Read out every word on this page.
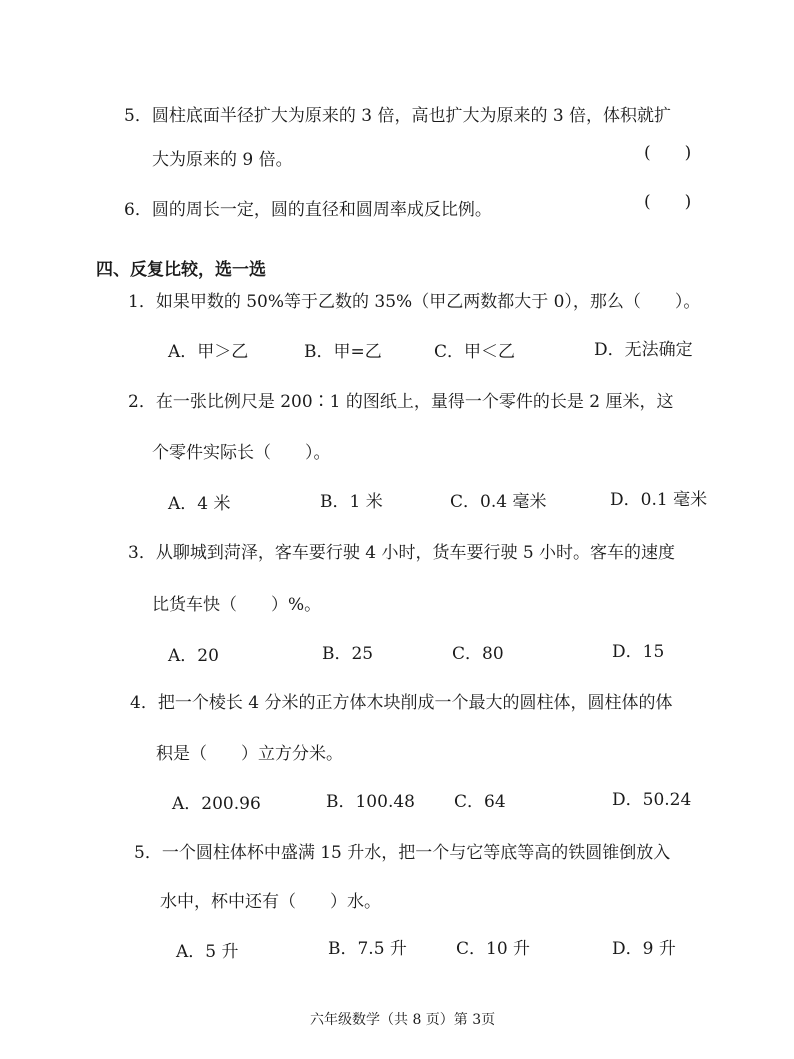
5．圆柱底面半径扩大为原来的 3 倍，高也扩大为原来的 3 倍，体积就扩
大为原来的 9 倍。	(　　)
6．圆的周长一定，圆的直径和圆周率成反比例。	(　　)
四、反复比较，选一选
1．如果甲数的 50%等于乙数的 35%（甲乙两数都大于 0），那么（　　）。
A．甲＞乙	B．甲=乙	C．甲＜乙	D．无法确定
2．在一张比例尺是 200∶1 的图纸上，量得一个零件的长是 2 厘米，这
个零件实际长（　　）。
A．4 米	B．1 米	C．0.4 毫米	D．0.1 毫米
3．从聊城到菏泽，客车要行驶 4 小时，货车要行驶 5 小时。客车的速度
比货车快（　　）%。
A．20	B．25	C．80	D．15
4．把一个棱长 4 分米的正方体木块削成一个最大的圆柱体，圆柱体的体
积是（　　）立方分米。
A．200.96	B．100.48 C．64	D．50.24
5．一个圆柱体杯中盛满 15 升水，把一个与它等底等高的铁圆锥倒放入
水中，杯中还有（　　）水。
A．5 升	B．7.5 升	C．10 升	D．9 升
六年级数学（共 8 页）第 3页
